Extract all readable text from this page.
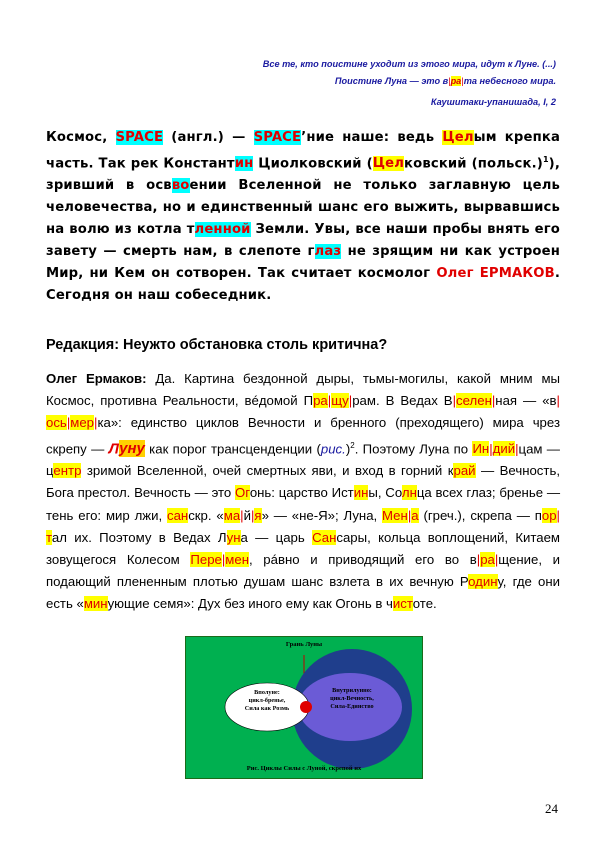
Все те, кто поистине уходит из этого мира, идут к Луне. (...)
Поистине Луна — это в|ра|та небесного мира.
Каушитаки-упанишада, I, 2
Космос, SPACE (англ.) — SPACE’ние наше: ведь Целым крепка часть. Так рек Константин Циолковский (Целковский (польск.)$^1$), зривший в осввоении Вселенной не только заглавную цель человечества, но и единственный шанс его выжить, вырвавшись на волю из котла тленной Земли. Увы, все наши пробы внять его завету — смерть нам, в слепоте глаз не зрящим ни как устроен Мир, ни Кем он сотворен. Так считает космолог Олег ЕРМАКОВ. Сегодня он наш собеседник.
Редакция: Неужто обстановка столь критична?
Олег Ермаков: Да. Картина бездонной дыры, тьмы-могилы, какой мним мы Космос, противна Реальности, вéдомой Пра|щу|рам. В Ведах В|селен|ная — «в|ось|мер|ка»: единство циклов Вечности и бренного (преходящего) мира чрез скрепу — Луну как порог трансценденции $(рис.)^2$. Поэтому Луна по Ин|дий|цам — центр зримой Вселенной, очей смертных яви, и вход в горний край — Вечность, Бога престол. Вечность — это Огонь: царство Истины, Солнца всех глаз; бренье — тень его: мир лжи, санскр. «ма|й|я» — «не-Я»; Луна, Мен|а (греч.), скрепа — пор|тал их. Поэтому в Ведах Луна — царь Сансары, кольца воплощений, Китаем зовущегося Колесом Пере|мен, рáвно и приводящий его во в|ра|щение, и подающий плененным плотью душам шанс взлета в их вечную Родину, где они есть «минующие семя»: Дух без иного ему как Огонь в чистоте.
Грань Луны
Вполуне:
цикл-бренье,
Сила как Розмь
Внутрилунно:
цикл-Вечность,
Сила-Единство
Рис. Циклы Силы с Луной, скрепой их
24
